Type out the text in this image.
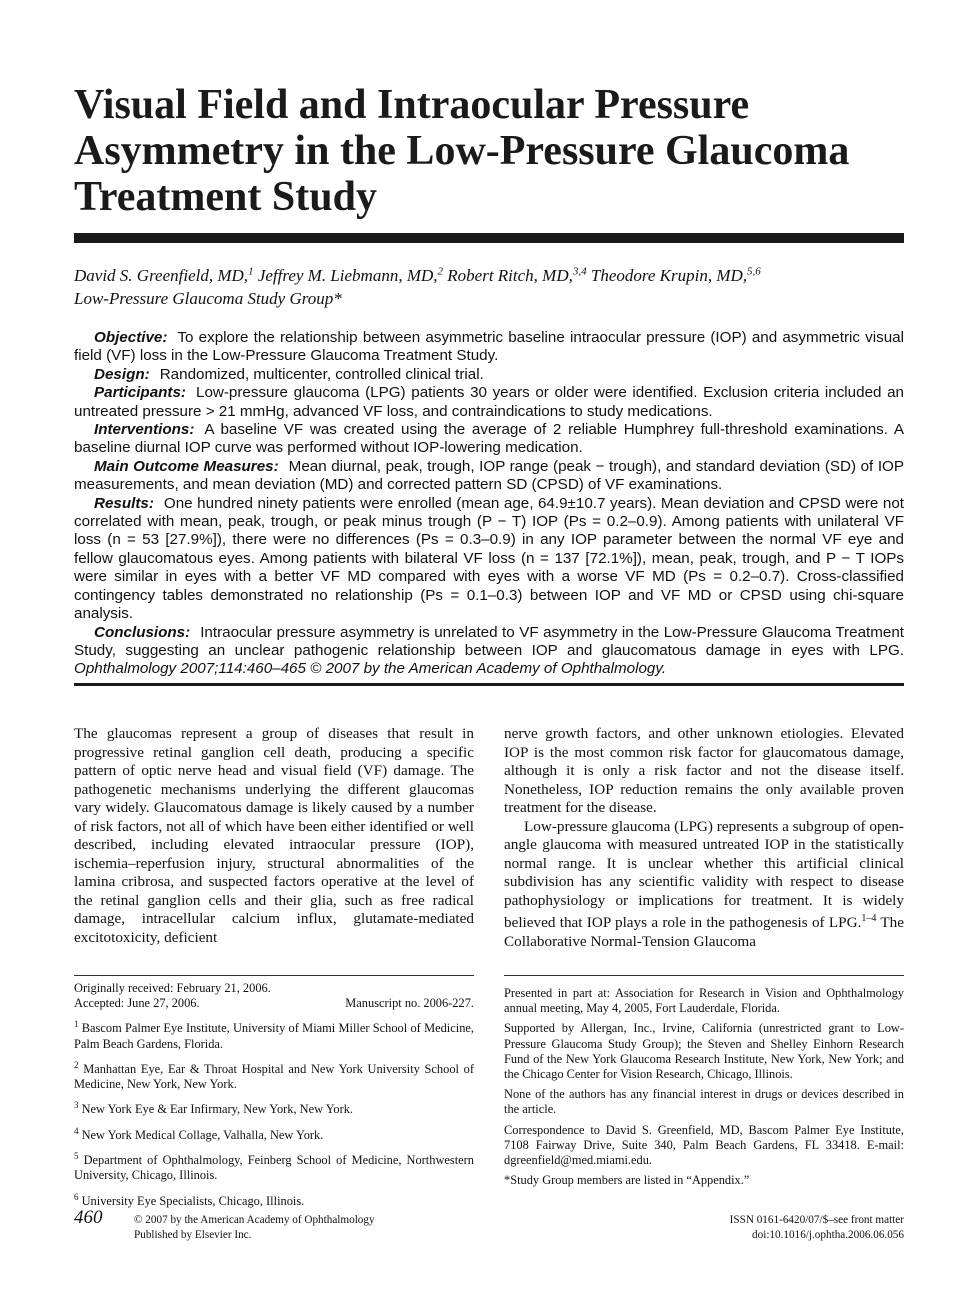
Visual Field and Intraocular Pressure Asymmetry in the Low-Pressure Glaucoma Treatment Study
David S. Greenfield, MD,$^1$ Jeffrey M. Liebmann, MD,$^2$ Robert Ritch, MD,$^{3,4}$ Theodore Krupin, MD,$^{5,6}$
Low-Pressure Glaucoma Study Group*

Objective: To explore the relationship between asymmetric baseline intraocular pressure (IOP) and asymmetric visual field (VF) loss in the Low-Pressure Glaucoma Treatment Study.

Design: Randomized, multicenter, controlled clinical trial.

Participants: Low-pressure glaucoma (LPG) patients 30 years or older were identified. Exclusion criteria included an untreated pressure > 21 mmHg, advanced VF loss, and contraindications to study medications.

Interventions: A baseline VF was created using the average of 2 reliable Humphrey full-threshold examinations. A baseline diurnal IOP curve was performed without IOP-lowering medication.

Main Outcome Measures: Mean diurnal, peak, trough, IOP range (peak − trough), and standard deviation (SD) of IOP measurements, and mean deviation (MD) and corrected pattern SD (CPSD) of VF examinations.

Results: One hundred ninety patients were enrolled (mean age, 64.9±10.7 years). Mean deviation and CPSD were not correlated with mean, peak, trough, or peak minus trough (P − T) IOP (Ps = 0.2–0.9). Among patients with unilateral VF loss (n = 53 [27.9%]), there were no differences (Ps = 0.3–0.9) in any IOP parameter between the normal VF eye and fellow glaucomatous eyes. Among patients with bilateral VF loss (n = 137 [72.1%]), mean, peak, trough, and P − T IOPs were similar in eyes with a better VF MD compared with eyes with a worse VF MD (Ps = 0.2–0.7). Cross-classified contingency tables demonstrated no relationship (Ps = 0.1–0.3) between IOP and VF MD or CPSD using chi-square analysis.

Conclusions: Intraocular pressure asymmetry is unrelated to VF asymmetry in the Low-Pressure Glaucoma Treatment Study, suggesting an unclear pathogenic relationship between IOP and glaucomatous damage in eyes with LPG. Ophthalmology 2007;114:460–465 © 2007 by the American Academy of Ophthalmology.

The glaucomas represent a group of diseases that result in progressive retinal ganglion cell death, producing a specific pattern of optic nerve head and visual field (VF) damage. The pathogenetic mechanisms underlying the different glaucomas vary widely. Glaucomatous damage is likely caused by a number of risk factors, not all of which have been either identified or well described, including elevated intraocular pressure (IOP), ischemia–reperfusion injury, structural abnormalities of the lamina cribrosa, and suspected factors operative at the level of the retinal ganglion cells and their glia, such as free radical damage, intracellular calcium influx, glutamate-mediated excitotoxicity, deficient

nerve growth factors, and other unknown etiologies. Elevated IOP is the most common risk factor for glaucomatous damage, although it is only a risk factor and not the disease itself. Nonetheless, IOP reduction remains the only available proven treatment for the disease.

Low-pressure glaucoma (LPG) represents a subgroup of open-angle glaucoma with measured untreated IOP in the statistically normal range. It is unclear whether this artificial clinical subdivision has any scientific validity with respect to disease pathophysiology or implications for treatment. It is widely believed that IOP plays a role in the pathogenesis of LPG.$^{1-4}$ The Collaborative Normal-Tension Glaucoma

Originally received: February 21, 2006.

Accepted: June 27, 2006.	Manuscript no. 2006-227.

$^1$ Bascom Palmer Eye Institute, University of Miami Miller School of Medicine, Palm Beach Gardens, Florida.

$^2$ Manhattan Eye, Ear & Throat Hospital and New York University School of Medicine, New York, New York.

$^3$ New York Eye & Ear Infirmary, New York, New York.

$^4$ New York Medical Collage, Valhalla, New York.

$^5$ Department of Ophthalmology, Feinberg School of Medicine, Northwestern University, Chicago, Illinois.

$^6$ University Eye Specialists, Chicago, Illinois.

Presented in part at: Association for Research in Vision and Ophthalmology annual meeting, May 4, 2005, Fort Lauderdale, Florida.

Supported by Allergan, Inc., Irvine, California (unrestricted grant to Low-Pressure Glaucoma Study Group); the Steven and Shelley Einhorn Research Fund of the New York Glaucoma Research Institute, New York, New York; and the Chicago Center for Vision Research, Chicago, Illinois.

None of the authors has any financial interest in drugs or devices described in the article.

Correspondence to David S. Greenfield, MD, Bascom Palmer Eye Institute, 7108 Fairway Drive, Suite 340, Palm Beach Gardens, FL 33418. E-mail: dgreenfield@med.miami.edu.

*Study Group members are listed in “Appendix.”

460	© 2007 by the American Academy of Ophthalmology
Published by Elsevier Inc.
ISSN 0161-6420/07/$–see front matter
doi:10.1016/j.ophtha.2006.06.056
